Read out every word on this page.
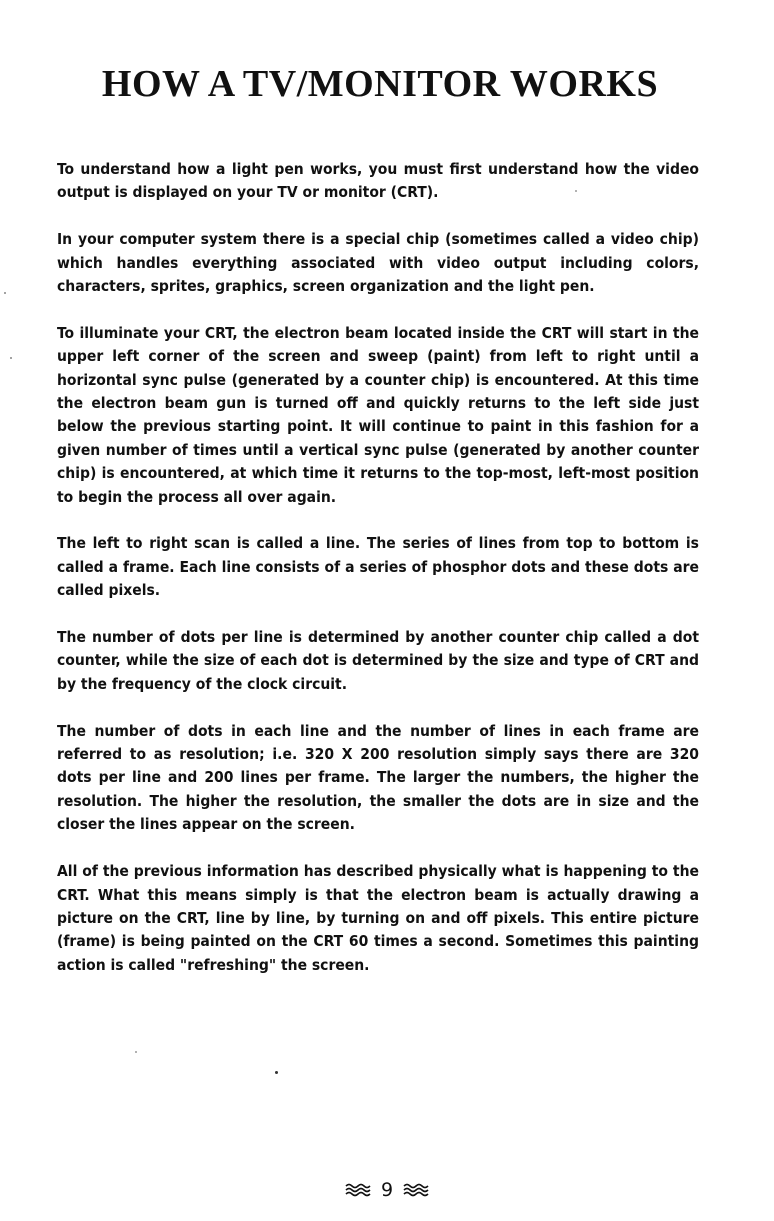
HOW A TV/MONITOR WORKS

To understand how a light pen works, you must first understand how the video output is displayed on your TV or monitor (CRT).

In your computer system there is a special chip (sometimes called a video chip) which handles everything associated with video output including colors, characters, sprites, graphics, screen organization and the light pen.

To illuminate your CRT, the electron beam located inside the CRT will start in the upper left corner of the screen and sweep (paint) from left to right until a horizontal sync pulse (generated by a counter chip) is encountered. At this time the electron beam gun is turned off and quickly returns to the left side just below the previous starting point. It will continue to paint in this fashion for a given number of times until a vertical sync pulse (generated by another counter chip) is encountered, at which time it returns to the top-most, left-most position to begin the process all over again.

The left to right scan is called a line. The series of lines from top to bottom is called a frame. Each line consists of a series of phosphor dots and these dots are called pixels.

The number of dots per line is determined by another counter chip called a dot counter, while the size of each dot is determined by the size and type of CRT and by the frequency of the clock circuit.

The number of dots in each line and the number of lines in each frame are referred to as resolution; i.e. 320 X 200 resolution simply says there are 320 dots per line and 200 lines per frame. The larger the numbers, the higher the resolution. The higher the resolution, the smaller the dots are in size and the closer the lines appear on the screen.

All of the previous information has described physically what is happening to the CRT. What this means simply is that the electron beam is actually drawing a picture on the CRT, line by line, by turning on and off pixels. This entire picture (frame) is being painted on the CRT 60 times a second. Sometimes this painting action is called "refreshing" the screen.

9
